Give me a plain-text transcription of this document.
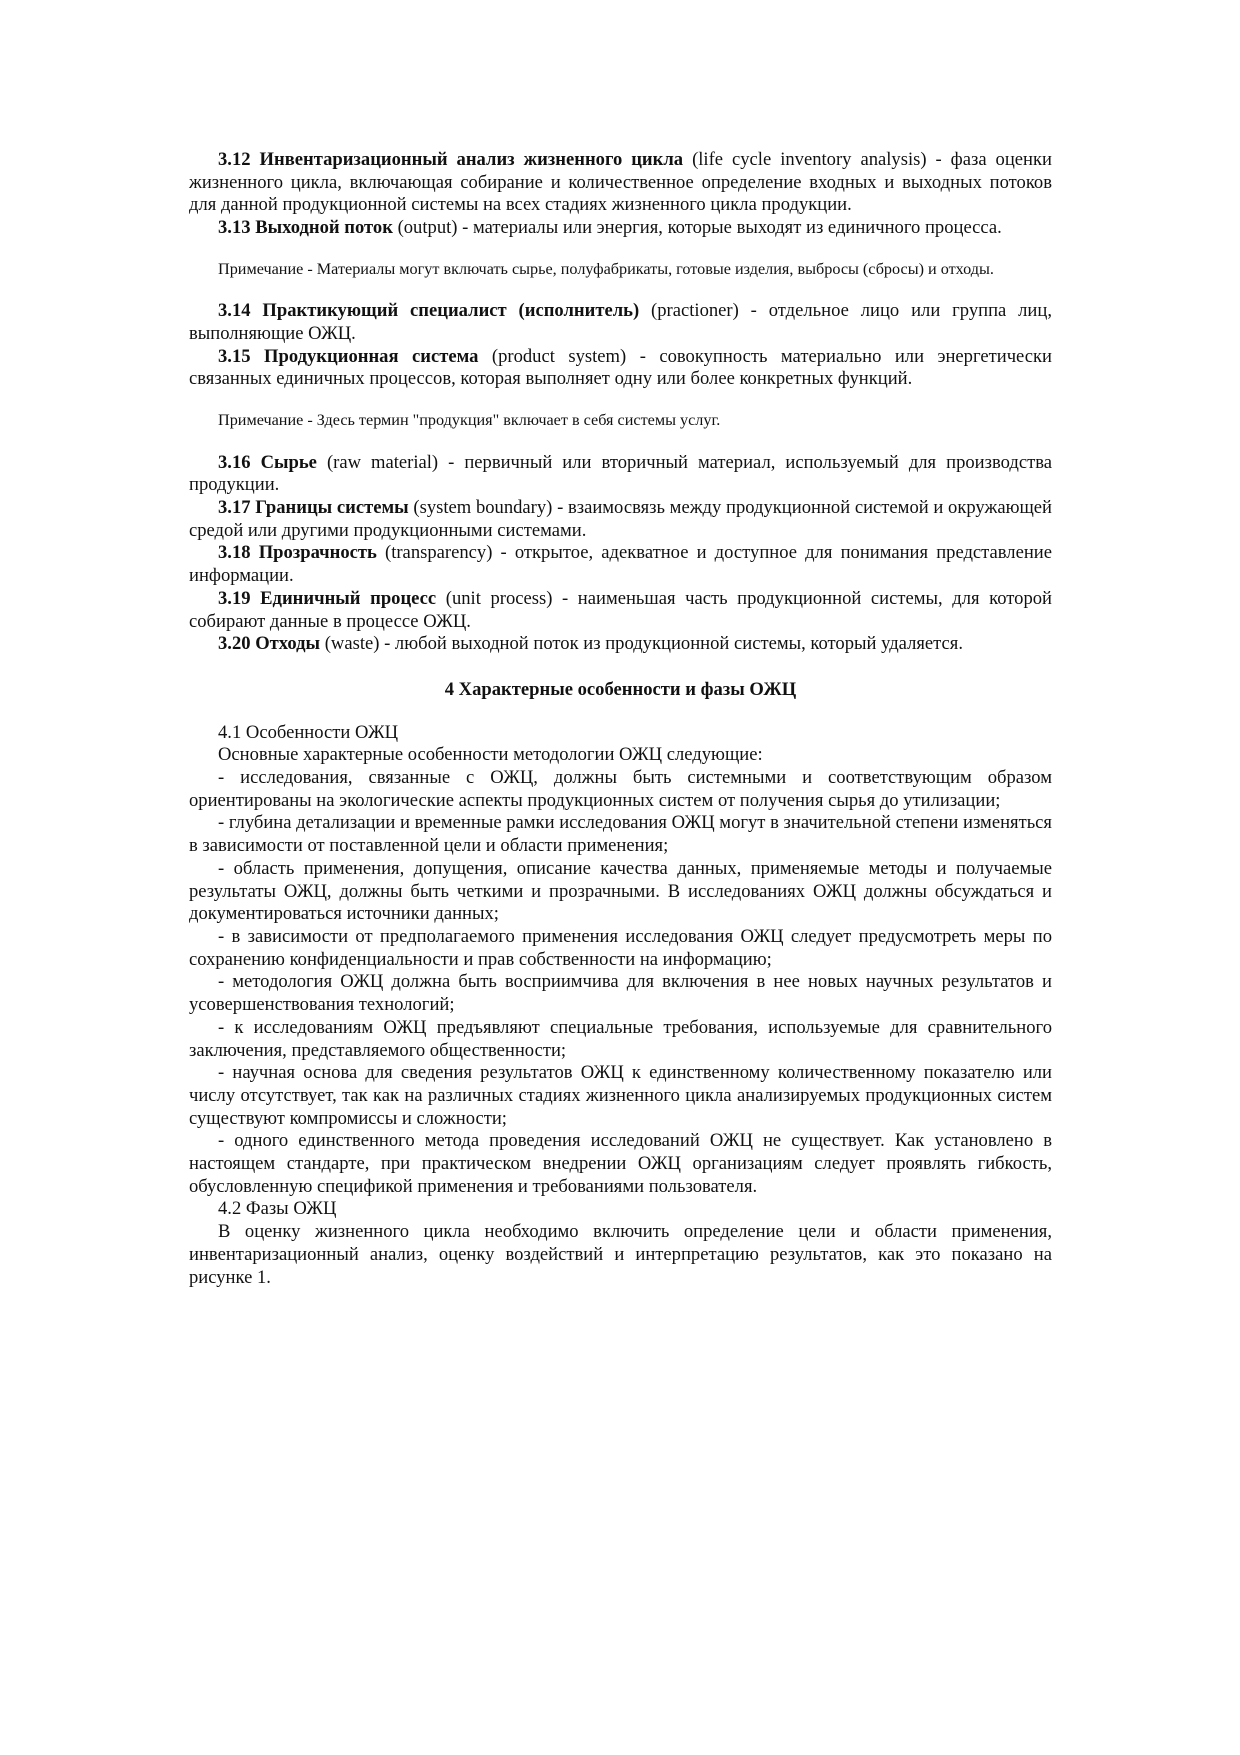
3.12 Инвентаризационный анализ жизненного цикла (life cycle inventory analysis) - фаза оценки жизненного цикла, включающая собирание и количественное определение входных и выходных потоков для данной продукционной системы на всех стадиях жизненного цикла продукции.

3.13 Выходной поток (output) - материалы или энергия, которые выходят из единичного процесса.

Примечание - Материалы могут включать сырье, полуфабрикаты, готовые изделия, выбросы (сбросы) и отходы.

3.14 Практикующий специалист (исполнитель) (practioner) - отдельное лицо или группа лиц, выполняющие ОЖЦ.

3.15 Продукционная система (product system) - совокупность материально или энергетически связанных единичных процессов, которая выполняет одну или более конкретных функций.

Примечание - Здесь термин "продукция" включает в себя системы услуг.

3.16 Сырье (raw material) - первичный или вторичный материал, используемый для производства продукции.

3.17 Границы системы (system boundary) - взаимосвязь между продукционной системой и окружающей средой или другими продукционными системами.

3.18 Прозрачность (transparency) - открытое, адекватное и доступное для понимания представление информации.

3.19 Единичный процесс (unit process) - наименьшая часть продукционной системы, для которой собирают данные в процессе ОЖЦ.

3.20 Отходы (waste) - любой выходной поток из продукционной системы, который удаляется.

4 Характерные особенности и фазы ОЖЦ

4.1 Особенности ОЖЦ

Основные характерные особенности методологии ОЖЦ следующие:

- исследования, связанные с ОЖЦ, должны быть системными и соответствующим образом ориентированы на экологические аспекты продукционных систем от получения сырья до утилизации;

- глубина детализации и временные рамки исследования ОЖЦ могут в значительной степени изменяться в зависимости от поставленной цели и области применения;

- область применения, допущения, описание качества данных, применяемые методы и получаемые результаты ОЖЦ, должны быть четкими и прозрачными. В исследованиях ОЖЦ должны обсуждаться и документироваться источники данных;

- в зависимости от предполагаемого применения исследования ОЖЦ следует предусмотреть меры по сохранению конфиденциальности и прав собственности на информацию;

- методология ОЖЦ должна быть восприимчива для включения в нее новых научных результатов и усовершенствования технологий;

- к исследованиям ОЖЦ предъявляют специальные требования, используемые для сравнительного заключения, представляемого общественности;

- научная основа для сведения результатов ОЖЦ к единственному количественному показателю или числу отсутствует, так как на различных стадиях жизненного цикла анализируемых продукционных систем существуют компромиссы и сложности;

- одного единственного метода проведения исследований ОЖЦ не существует. Как установлено в настоящем стандарте, при практическом внедрении ОЖЦ организациям следует проявлять гибкость, обусловленную спецификой применения и требованиями пользователя.

4.2 Фазы ОЖЦ

В оценку жизненного цикла необходимо включить определение цели и области применения, инвентаризационный анализ, оценку воздействий и интерпретацию результатов, как это показано на рисунке 1.
